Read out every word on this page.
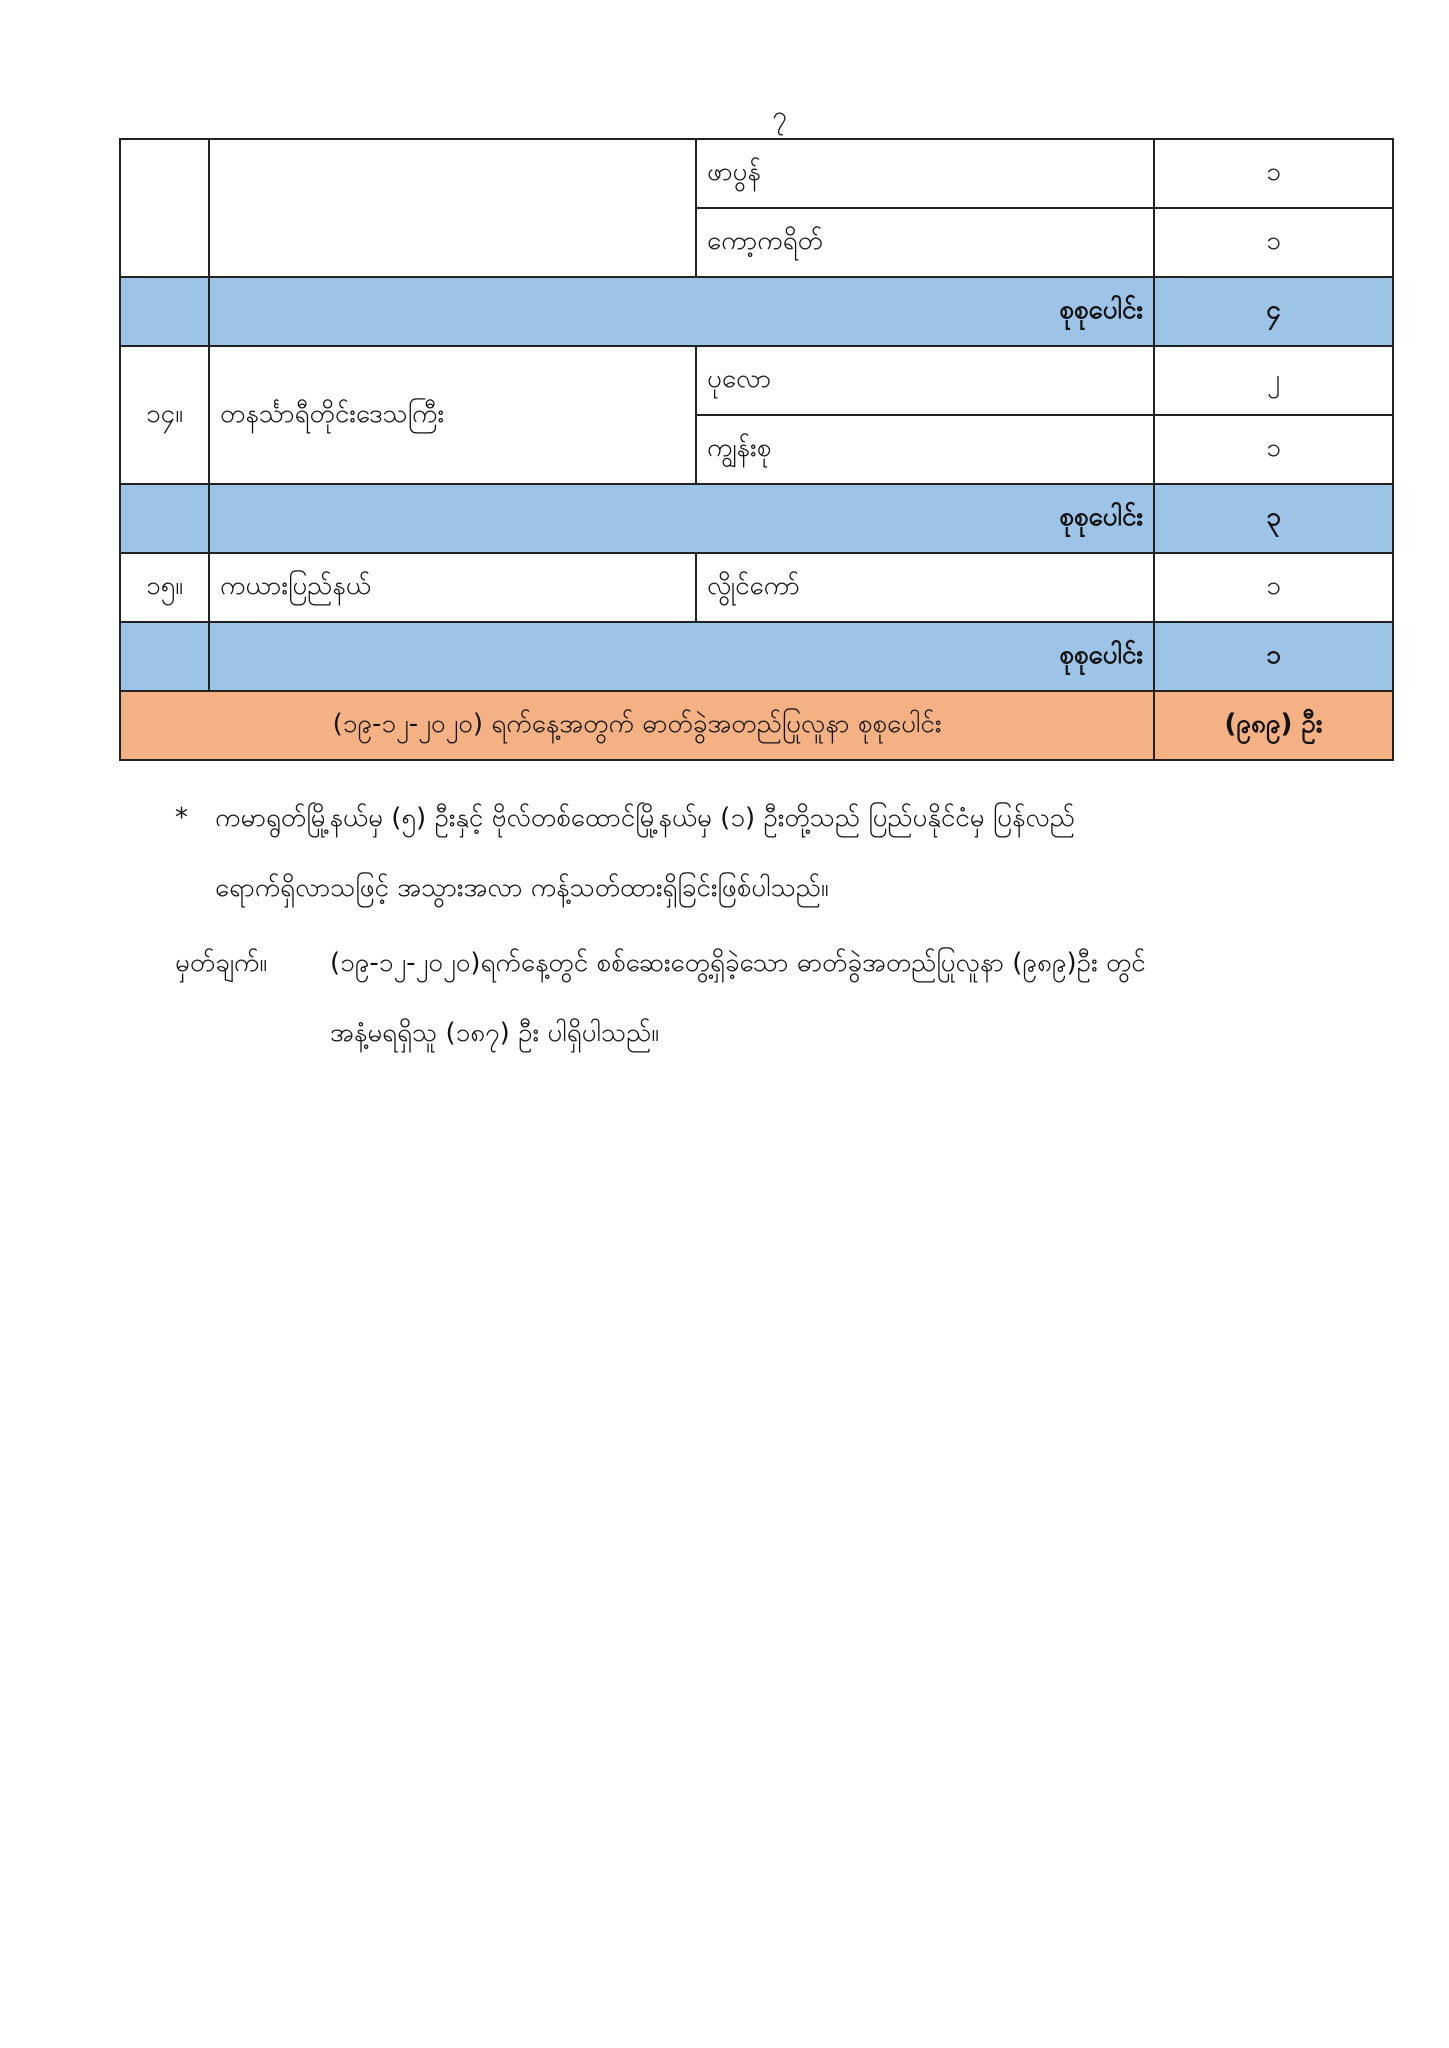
၇
		ဖာပွန်	၁
		ကော့ကရိတ်	၁
	စုစုပေါင်း		၄
၁၄။	တနင်္သာရီတိုင်းဒေသကြီး	ပုလော	၂
		ကျွန်းစု	၁
	စုစုပေါင်း		၃
၁၅။	ကယားပြည်နယ်	လွိုင်ကော်	၁
	စုစုပေါင်း		၁
(၁၉-၁၂-၂၀၂၀) ရက်နေ့အတွက် ဓာတ်ခွဲအတည်ပြုလူနာ စုစုပေါင်း			(၉၈၉) ဦး
* ကမာရွတ်မြို့နယ်မှ (၅) ဦးနှင့် ဗိုလ်တစ်ထောင်မြို့နယ်မှ (၁) ဦးတို့သည် ပြည်ပနိုင်ငံမှ ပြန်လည်
ရောက်ရှိလာသဖြင့် အသွားအလာ ကန့်သတ်ထားရှိခြင်းဖြစ်ပါသည်။
မှတ်ချက်။ (၁၉-၁၂-၂၀၂၀)ရက်နေ့တွင် စစ်ဆေးတွေ့ရှိခဲ့သော ဓာတ်ခွဲအတည်ပြုလူနာ (၉၈၉)ဦး တွင်
အနံ့မရရှိသူ (၁၈၇) ဦး ပါရှိပါသည်။
